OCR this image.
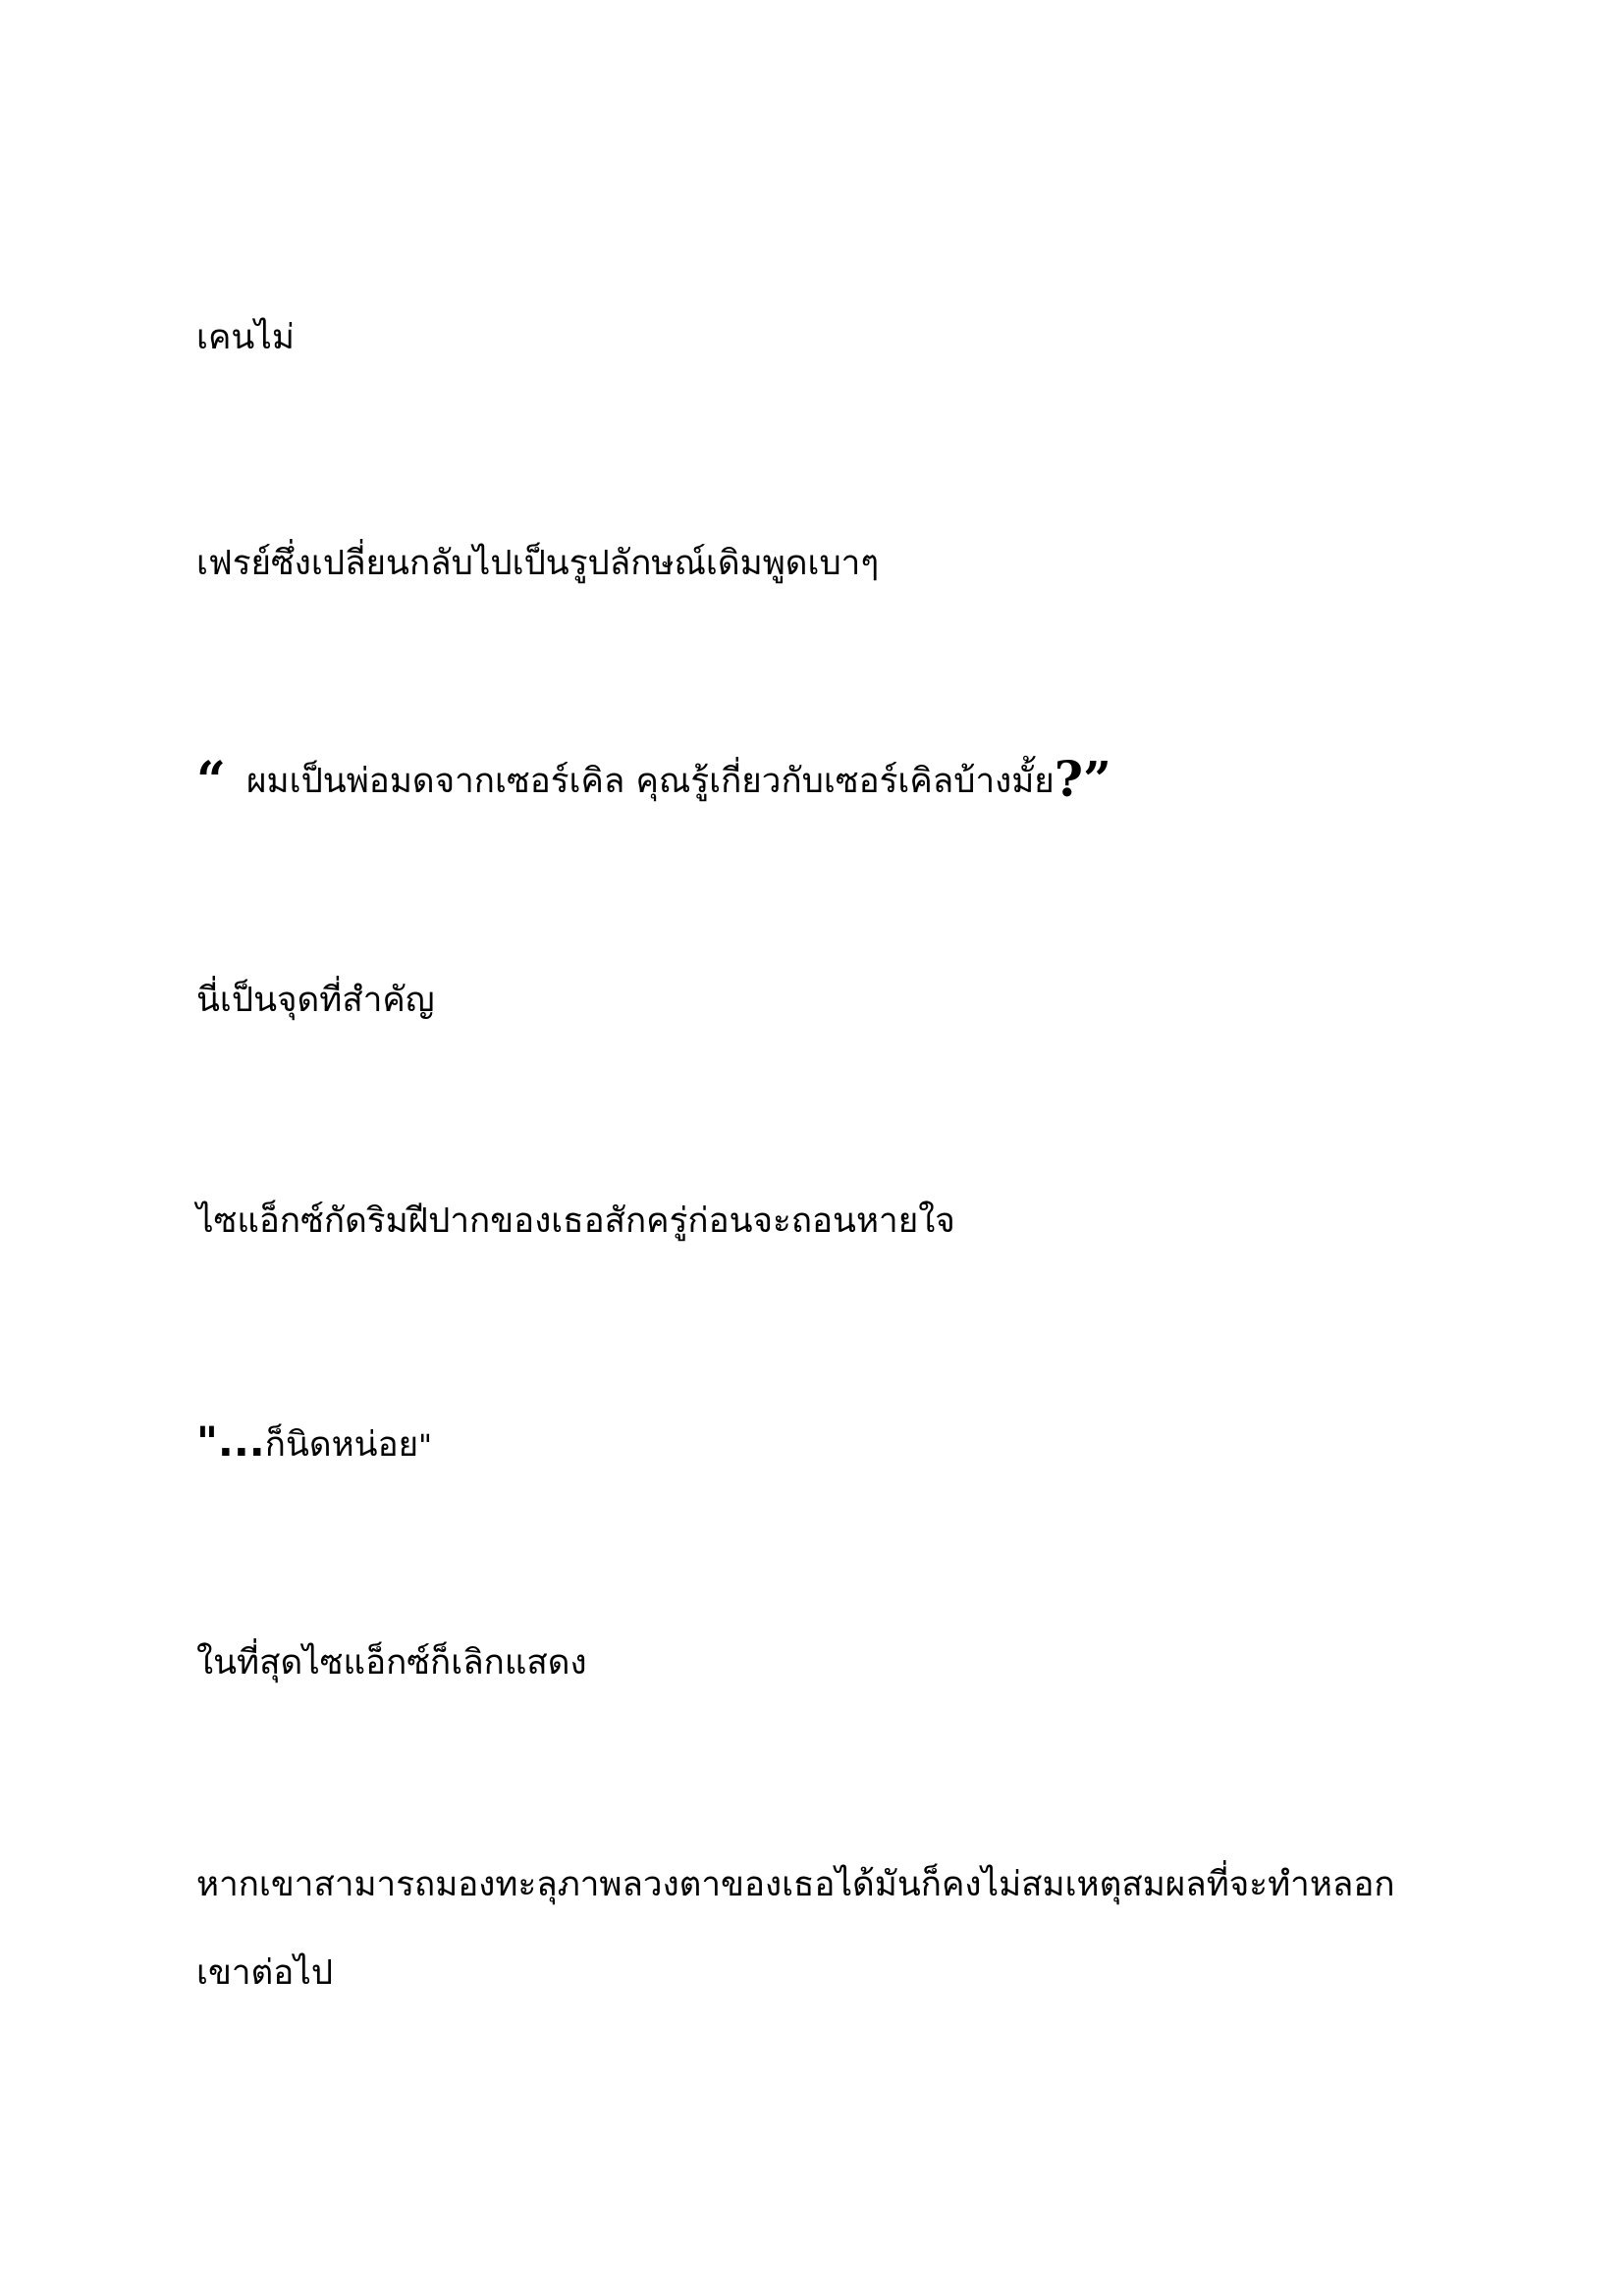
เคนไม่
เฟรย์ซึ่งเปลี่ยนกลับไปเป็นรูปลักษณ์เดิมพูดเบาๆ
“ ผมเป็นพ่อมดจากเซอร์เคิล คุณรู้เกี่ยวกับเซอร์เคิลบ้างมั้ย?”
นี่เป็นจุดที่สำคัญ
ไซแอ็กซ์กัดริมฝีปากของเธอสักครู่ก่อนจะถอนหายใจ
"...ก็นิดหน่อย"
ในที่สุดไซแอ็กซ์ก็เลิกแสดง
หากเขาสามารถมองทะลุภาพลวงตาของเธอได้มันก็คงไม่สมเหตุสมผลที่จะทำหลอกเขาต่อไป
